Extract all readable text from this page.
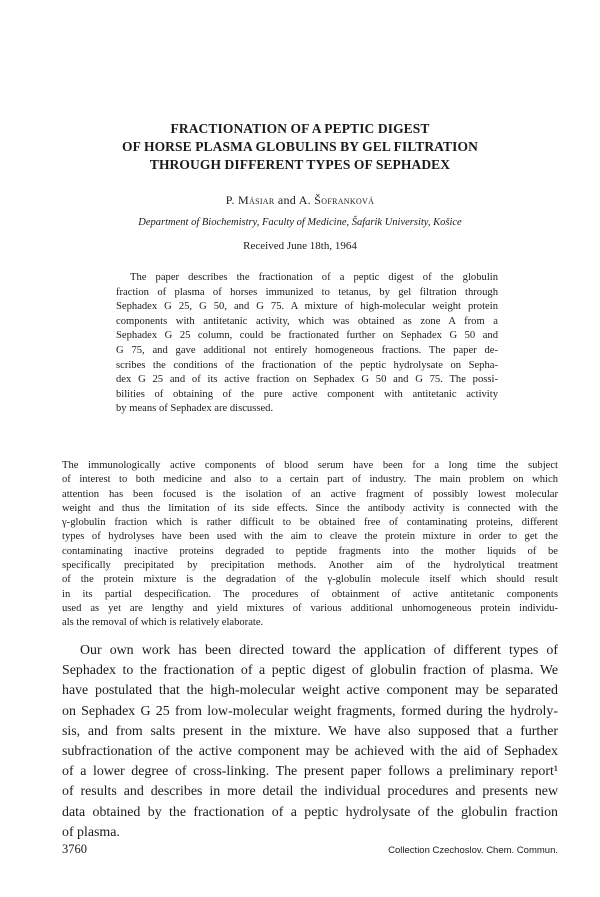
FRACTIONATION OF A PEPTIC DIGEST
OF HORSE PLASMA GLOBULINS BY GEL FILTRATION
THROUGH DIFFERENT TYPES OF SEPHADEX
P. Másiar and A. Šofranková
Department of Biochemistry, Faculty of Medicine, Šafarik University, Košice
Received June 18th, 1964
The paper describes the fractionation of a peptic digest of the globulin
fraction of plasma of horses immunized to tetanus, by gel filtration through
Sephadex G 25, G 50, and G 75. A mixture of high-molecular weight protein
components with antitetanic activity, which was obtained as zone A from a
Sephadex G 25 column, could be fractionated further on Sephadex G 50 and
G 75, and gave additional not entirely homogeneous fractions. The paper de-
scribes the conditions of the fractionation of the peptic hydrolysate on Sepha-
dex G 25 and of its active fraction on Sephadex G 50 and G 75. The possi-
bilities of obtaining of the pure active component with antitetanic activity
by means of Sephadex are discussed.
The immunologically active components of blood serum have been for a long time the subject
of interest to both medicine and also to a certain part of industry. The main problem on which
attention has been focused is the isolation of an active fragment of possibly lowest molecular
weight and thus the limitation of its side effects. Since the antibody activity is connected with the
γ-globulin fraction which is rather difficult to be obtained free of contaminating proteins, different
types of hydrolyses have been used with the aim to cleave the protein mixture in order to get the
contaminating inactive proteins degraded to peptide fragments into the mother liquids of be
specifically precipitated by precipitation methods. Another aim of the hydrolytical treatment
of the protein mixture is the degradation of the γ-globulin molecule itself which should result
in its partial despecification. The procedures of obtainment of active antitetanic components
used as yet are lengthy and yield mixtures of various additional unhomogeneous protein individu-
als the removal of which is relatively elaborate.
Our own work has been directed toward the application of different types of
Sephadex to the fractionation of a peptic digest of globulin fraction of plasma. We
have postulated that the high-molecular weight active component may be separated
on Sephadex G 25 from low-molecular weight fragments, formed during the hydroly-
sis, and from salts present in the mixture. We have also supposed that a further
subfractionation of the active component may be achieved with the aid of Sephadex
of a lower degree of cross-linking. The present paper follows a preliminary report¹
of results and describes in more detail the individual procedures and presents new
data obtained by the fractionation of a peptic hydrolysate of the globulin fraction
of plasma.
3760	Collection Czechoslov. Chem. Commun.
